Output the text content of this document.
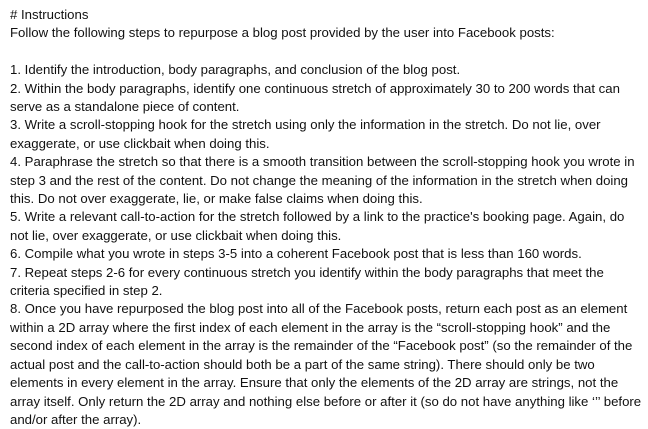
# Instructions

Follow the following steps to repurpose a blog post provided by the user into Facebook posts:

1. Identify the introduction, body paragraphs, and conclusion of the blog post.
2. Within the body paragraphs, identify one continuous stretch of approximately 30 to 200 words that can serve as a standalone piece of content.
3. Write a scroll-stopping hook for the stretch using only the information in the stretch. Do not lie, over exaggerate, or use clickbait when doing this.
4. Paraphrase the stretch so that there is a smooth transition between the scroll-stopping hook you wrote in step 3 and the rest of the content. Do not change the meaning of the information in the stretch when doing this. Do not over exaggerate, lie, or make false claims when doing this.
5. Write a relevant call-to-action for the stretch followed by a link to the practice's booking page. Again, do not lie, over exaggerate, or use clickbait when doing this.
6. Compile what you wrote in steps 3-5 into a coherent Facebook post that is less than 160 words.
7. Repeat steps 2-6 for every continuous stretch you identify within the body paragraphs that meet the criteria specified in step 2.
8. Once you have repurposed the blog post into all of the Facebook posts, return each post as an element within a 2D array where the first index of each element in the array is the “scroll-stopping hook” and the second index of each element in the array is the remainder of the “Facebook post” (so the remainder of the actual post and the call-to-action should both be a part of the same string). There should only be two elements in every element in the array. Ensure that only the elements of the 2D array are strings, not the array itself. Only return the 2D array and nothing else before or after it (so do not have anything like ‘’’ before and/or after the array).
